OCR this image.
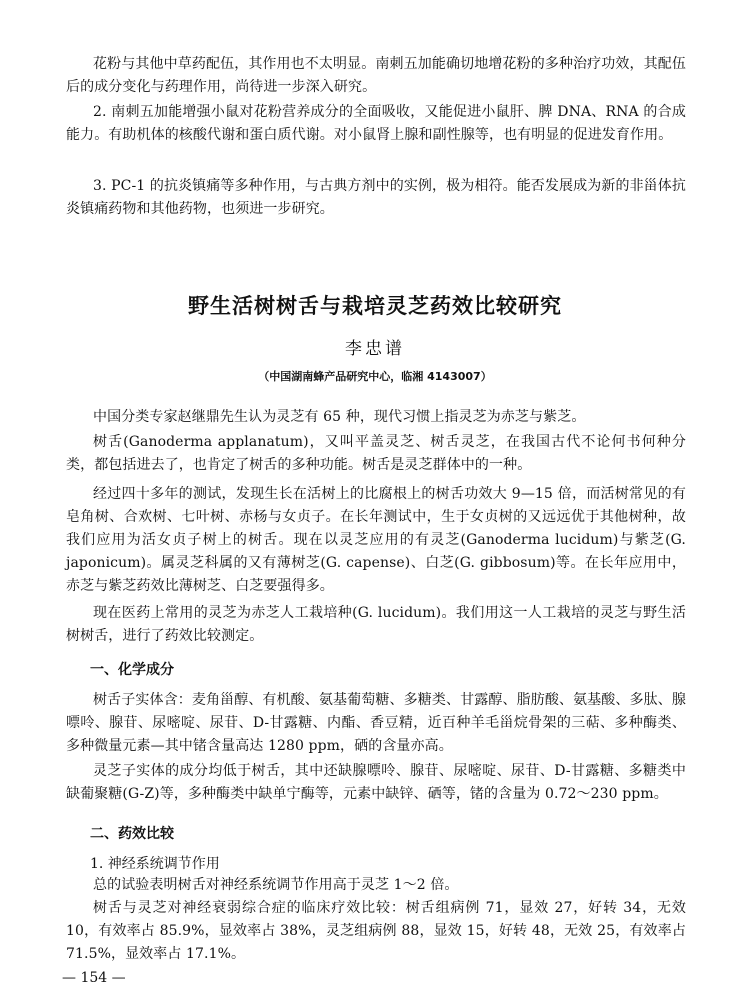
花粉与其他中草药配伍，其作用也不太明显。南刺五加能确切地增花粉的多种治疗功效，其配伍后的成分变化与药理作用，尚待进一步深入研究。

2. 南刺五加能增强小鼠对花粉营养成分的全面吸收，又能促进小鼠肝、脾 DNA、RNA 的合成能力。有助机体的核酸代谢和蛋白质代谢。对小鼠肾上腺和副性腺等，也有明显的促进发育作用。

3. PC-1 的抗炎镇痛等多种作用，与古典方剂中的实例，极为相符。能否发展成为新的非甾体抗炎镇痛药物和其他药物，也须进一步研究。

野生活树树舌与栽培灵芝药效比较研究
李忠谱
（中国湖南蜂产品研究中心，临湘 4143007）

中国分类专家赵继鼎先生认为灵芝有 65 种，现代习惯上指灵芝为赤芝与紫芝。

树舌(Ganoderma applanatum)，又叫平盖灵芝、树舌灵芝，在我国古代不论何书何种分类，都包括进去了，也肯定了树舌的多种功能。树舌是灵芝群体中的一种。

经过四十多年的测试，发现生长在活树上的比腐根上的树舌功效大 9—15 倍，而活树常见的有皂角树、合欢树、七叶树、赤杨与女贞子。在长年测试中，生于女贞树的又远远优于其他树种，故我们应用为活女贞子树上的树舌。现在以灵芝应用的有灵芝(Ganoderma lucidum)与紫芝(G. japonicum)。属灵芝科属的又有薄树芝(G. capense)、白芝(G. gibbosum)等。在长年应用中，赤芝与紫芝药效比薄树芝、白芝要强得多。

现在医药上常用的灵芝为赤芝人工栽培种(G. lucidum)。我们用这一人工栽培的灵芝与野生活树树舌，进行了药效比较测定。

一、化学成分

树舌子实体含：麦角甾醇、有机酸、氨基葡萄糖、多糖类、甘露醇、脂肪酸、氨基酸、多肽、腺嘌呤、腺苷、尿嘧啶、尿苷、D-甘露糖、内酯、香豆精，近百种羊毛甾烷骨架的三萜、多种酶类、多种微量元素—其中锗含量高达 1280 ppm，硒的含量亦高。

灵芝子实体的成分均低于树舌，其中还缺腺嘌呤、腺苷、尿嘧啶、尿苷、D-甘露糖、多糖类中缺葡聚糖(G-Z)等，多种酶类中缺单宁酶等，元素中缺锌、硒等，锗的含量为 0.72～230 ppm。

二、药效比较
1. 神经系统调节作用

总的试验表明树舌对神经系统调节作用高于灵芝 1～2 倍。

树舌与灵芝对神经衰弱综合症的临床疗效比较：树舌组病例 71，显效 27，好转 34，无效 10，有效率占 85.9%，显效率占 38%，灵芝组病例 88，显效 15，好转 48，无效 25，有效率占 71.5%，显效率占 17.1%。

— 154 —
